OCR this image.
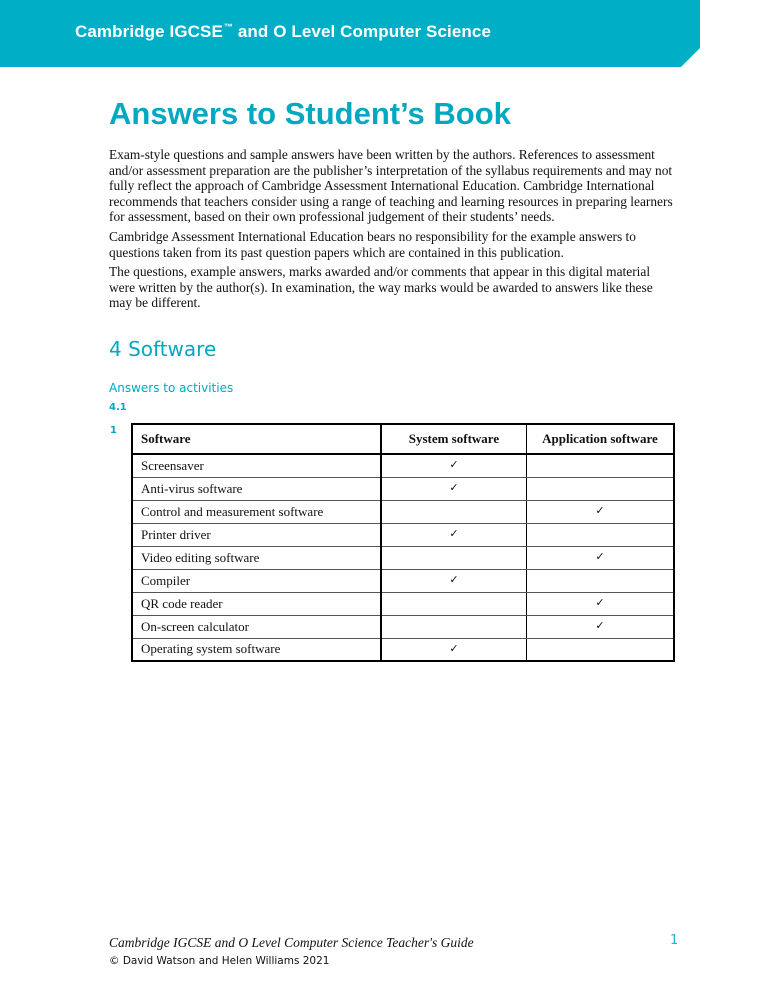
Cambridge IGCSE™ and O Level Computer Science
Answers to Student’s Book

Exam-style questions and sample answers have been written by the authors. References to assessment and/or assessment preparation are the publisher’s interpretation of the syllabus requirements and may not fully reflect the approach of Cambridge Assessment International Education. Cambridge International recommends that teachers consider using a range of teaching and learning resources in preparing learners for assessment, based on their own professional judgement of their students’ needs.

Cambridge Assessment International Education bears no responsibility for the example answers to questions taken from its past question papers which are contained in this publication.

The questions, example answers, marks awarded and/or comments that appear in this digital material were written by the author(s). In examination, the way marks would be awarded to answers like these may be different.

4 Software
Answers to activities
4.1
1
Software	System software	Application software
Screensaver	✓	
Anti-virus software	✓	
Control and measurement software		✓
Printer driver	✓	
Video editing software		✓
Compiler	✓	
QR code reader		✓
On-screen calculator		✓
Operating system software	✓	
Cambridge IGCSE and O Level Computer Science Teacher's Guide
© David Watson and Helen Williams 2021
1
